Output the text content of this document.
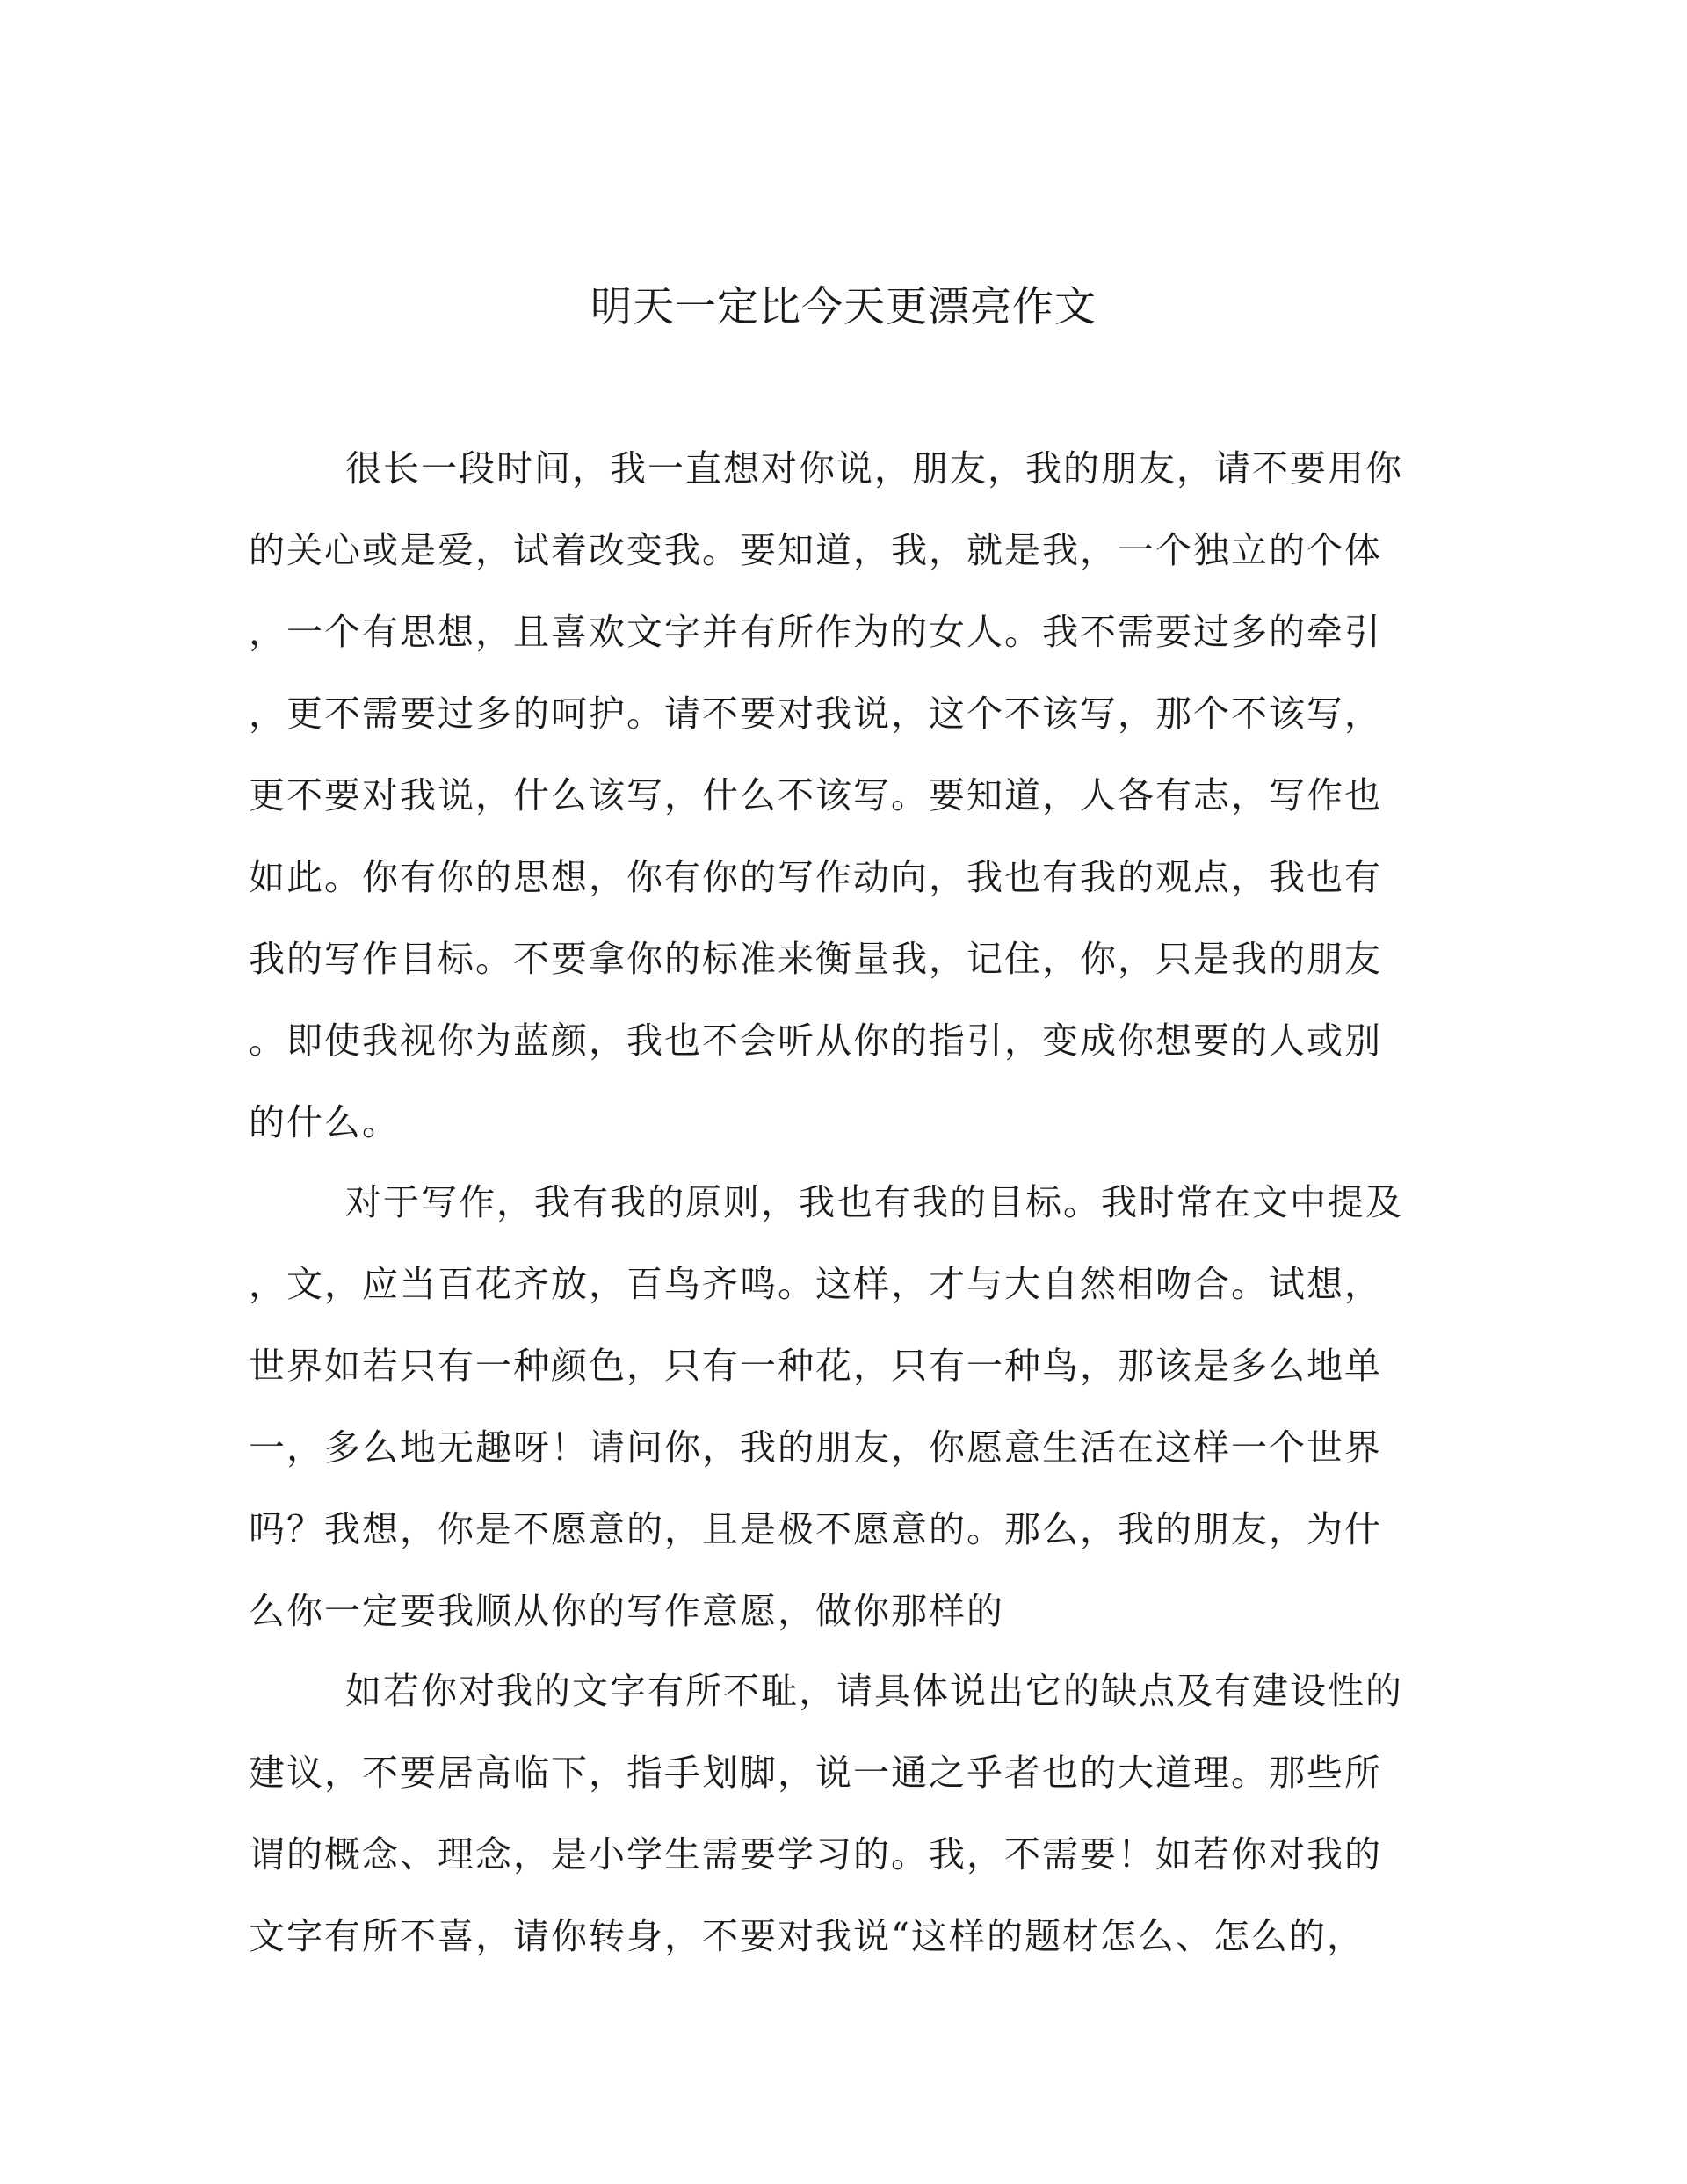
明天一定比今天更漂亮作文

很长一段时间，我一直想对你说，朋友，我的朋友，请不要用你

的关心或是爱，试着改变我。要知道，我，就是我，一个独立的个体

，一个有思想，且喜欢文字并有所作为的女人。我不需要过多的牵引

，更不需要过多的呵护。请不要对我说，这个不该写，那个不该写，

更不要对我说，什么该写，什么不该写。要知道，人各有志，写作也

如此。你有你的思想，你有你的写作动向，我也有我的观点，我也有

我的写作目标。不要拿你的标准来衡量我，记住，你，只是我的朋友

。即使我视你为蓝颜，我也不会听从你的指引，变成你想要的人或别

的什么。

对于写作，我有我的原则，我也有我的目标。我时常在文中提及

，文，应当百花齐放，百鸟齐鸣。这样，才与大自然相吻合。试想，

世界如若只有一种颜色，只有一种花，只有一种鸟，那该是多么地单

一，多么地无趣呀！请问你，我的朋友，你愿意生活在这样一个世界

吗？我想，你是不愿意的，且是极不愿意的。那么，我的朋友，为什

么你一定要我顺从你的写作意愿，做你那样的

如若你对我的文字有所不耻，请具体说出它的缺点及有建设性的

建议，不要居高临下，指手划脚，说一通之乎者也的大道理。那些所

谓的概念、理念，是小学生需要学习的。我，不需要！如若你对我的

文字有所不喜，请你转身，不要对我说“这样的题材怎么、怎么的，
